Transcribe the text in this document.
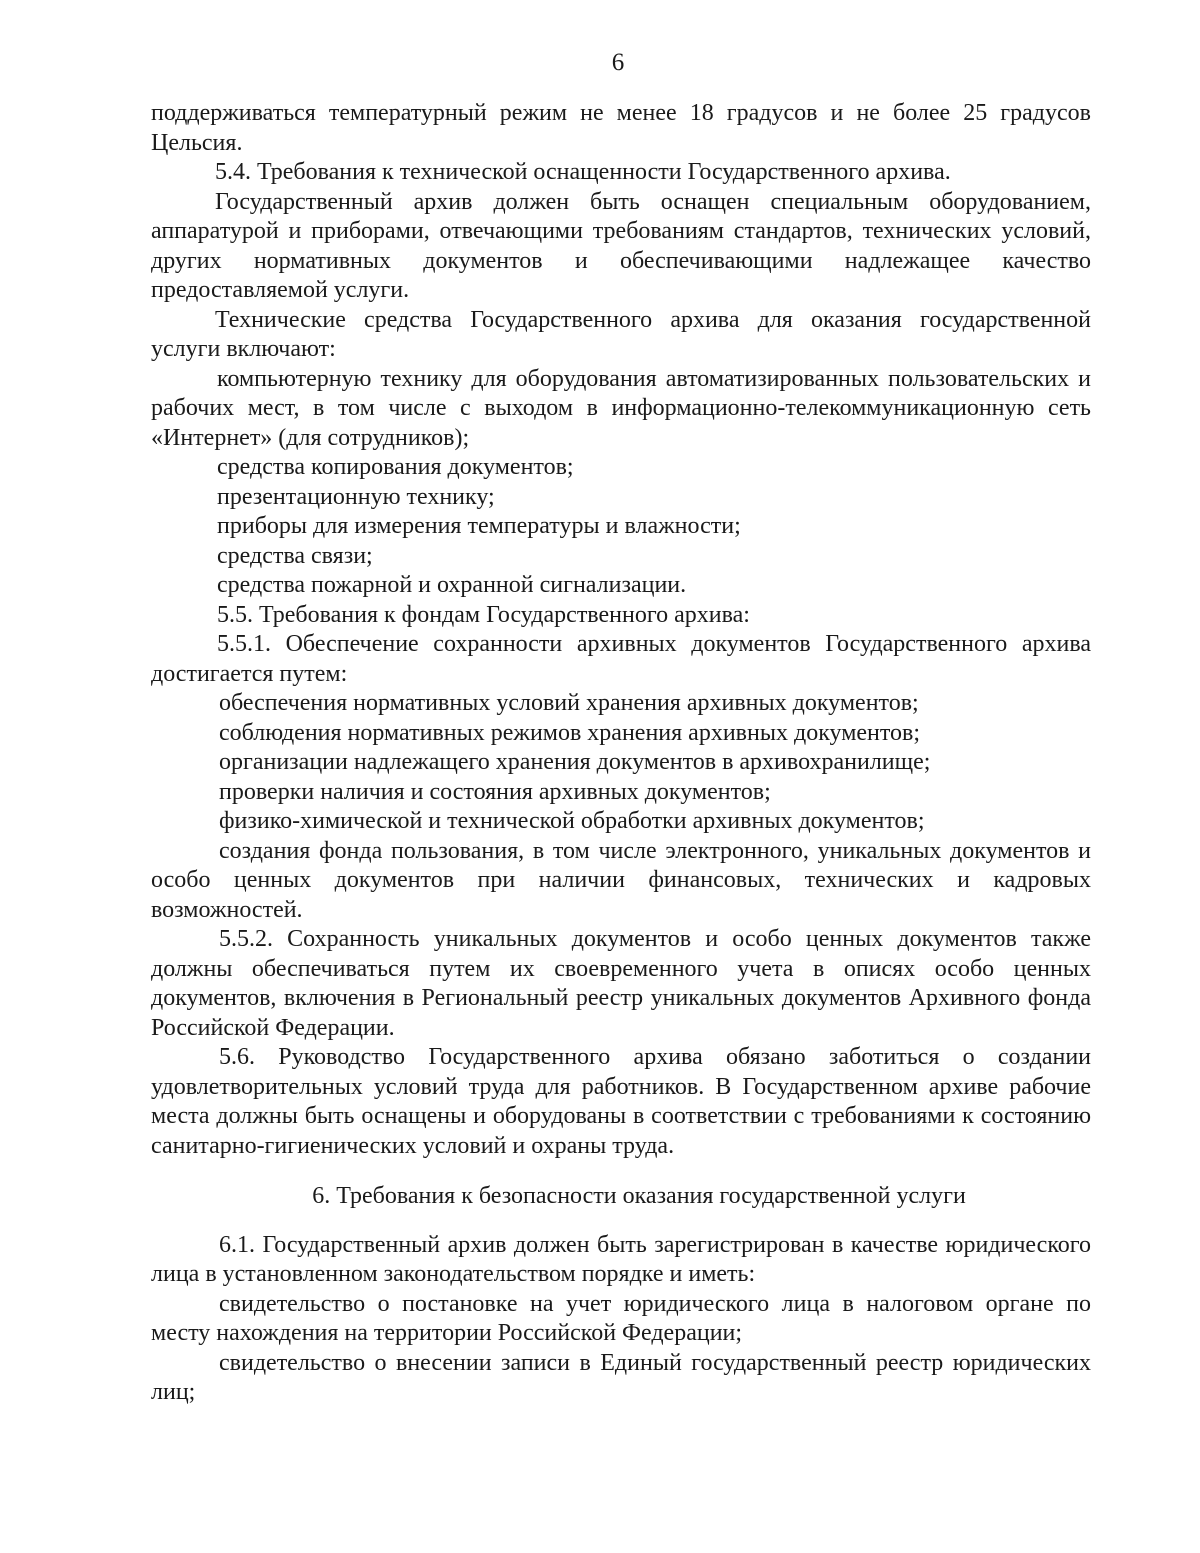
6

поддерживаться температурный режим не менее 18 градусов и не более 25 градусов Цельсия.

5.4. Требования к технической оснащенности Государственного архива.

Государственный архив должен быть оснащен специальным оборудованием, аппаратурой и приборами, отвечающими требованиям стандартов, технических условий, других нормативных документов и обеспечивающими надлежащее качество предоставляемой услуги.

Технические средства Государственного архива для оказания государственной услуги включают:

компьютерную технику для оборудования автоматизированных пользовательских и рабочих мест, в том числе с выходом в информационно-телекоммуникационную сеть «Интернет» (для сотрудников);

средства копирования документов;

презентационную технику;

приборы для измерения температуры и влажности;

средства связи;

средства пожарной и охранной сигнализации.

5.5. Требования к фондам Государственного архива:

5.5.1. Обеспечение сохранности архивных документов Государственного архива достигается путем:

обеспечения нормативных условий хранения архивных документов;

соблюдения нормативных режимов хранения архивных документов;

организации надлежащего хранения документов в архивохранилище;

проверки наличия и состояния архивных документов;

физико-химической и технической обработки архивных документов;

создания фонда пользования, в том числе электронного, уникальных документов и особо ценных документов при наличии финансовых, технических и кадровых возможностей.

5.5.2. Сохранность уникальных документов и особо ценных документов также должны обеспечиваться путем их своевременного учета в описях особо ценных документов, включения в Региональный реестр уникальных документов Архивного фонда Российской Федерации.

5.6. Руководство Государственного архива обязано заботиться о создании удовлетворительных условий труда для работников. В Государственном архиве рабочие места должны быть оснащены и оборудованы в соответствии с требованиями к состоянию санитарно-гигиенических условий и охраны труда.

6. Требования к безопасности оказания государственной услуги

6.1. Государственный архив должен быть зарегистрирован в качестве юридического лица в установленном законодательством порядке и иметь:

свидетельство о постановке на учет юридического лица в налоговом органе по месту нахождения на территории Российской Федерации;

свидетельство о внесении записи в Единый государственный реестр юридических лиц;
